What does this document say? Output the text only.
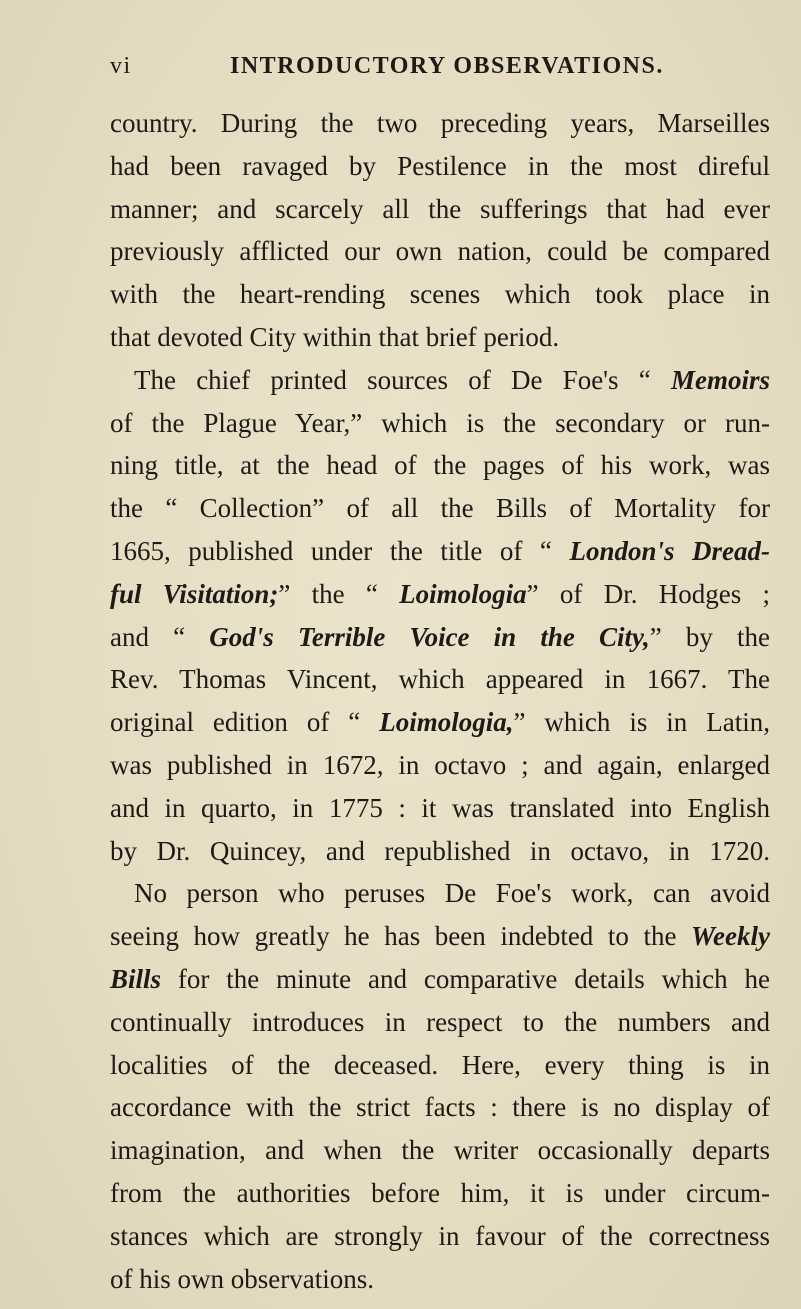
vi	INTRODUCTORY OBSERVATIONS.
country. During the two preceding years, Marseilles
had been ravaged by Pestilence in the most direful
manner; and scarcely all the sufferings that had ever
previously afflicted our own nation, could be compared
with the heart-rending scenes which took place in
that devoted City within that brief period.
The chief printed sources of De Foe's “ Memoirs
of the Plague Year,” which is the secondary or run-
ning title, at the head of the pages of his work, was
the “ Collection” of all the Bills of Mortality for
1665, published under the title of “ London's Dread-
ful Visitation;” the “ Loimologia” of Dr. Hodges ;
and “ God's Terrible Voice in the City,” by the
Rev. Thomas Vincent, which appeared in 1667. The
original edition of “ Loimologia,” which is in Latin,
was published in 1672, in octavo ; and again, enlarged
and in quarto, in 1775 : it was translated into English
by Dr. Quincey, and republished in octavo, in 1720.
No person who peruses De Foe's work, can avoid
seeing how greatly he has been indebted to the Weekly
Bills for the minute and comparative details which he
continually introduces in respect to the numbers and
localities of the deceased. Here, every thing is in
accordance with the strict facts : there is no display of
imagination, and when the writer occasionally departs
from the authorities before him, it is under circum-
stances which are strongly in favour of the correctness
of his own observations.
